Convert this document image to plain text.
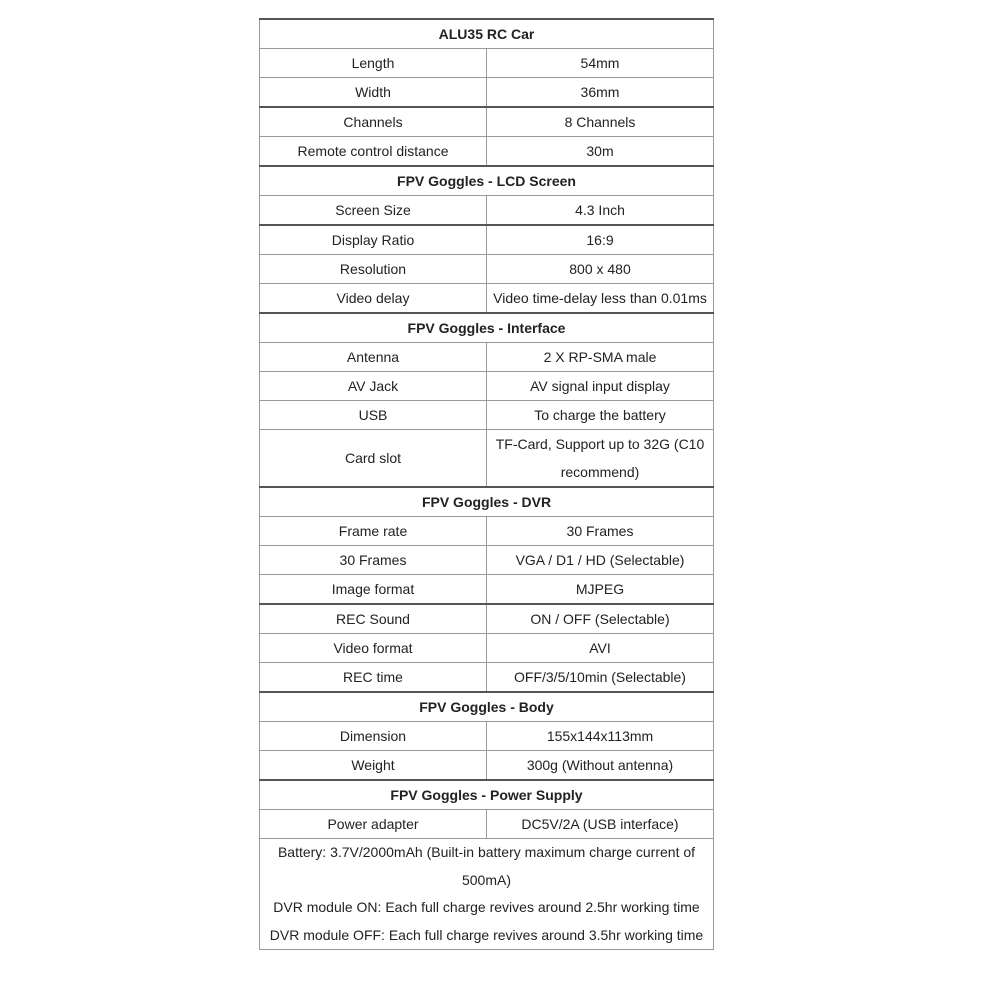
ALU35 RC Car	
Length	54mm
Width	36mm
Channels	8 Channels
Remote control distance	30m
FPV Goggles - LCD Screen	
Screen Size	4.3 Inch
Display Ratio	16:9
Resolution	800 x 480
Video delay	Video time-delay less than 0.01ms
FPV Goggles - Interface	
Antenna	2 X RP-SMA male
AV Jack	AV signal input display
USB	To charge the battery
Card slot	TF-Card, Support up to 32G (C10 recommend)
FPV Goggles - DVR	
Frame rate	30 Frames
30 Frames	VGA / D1 / HD (Selectable)
Image format	MJPEG
REC Sound	ON / OFF (Selectable)
Video format	AVI
REC time	OFF/3/5/10min (Selectable)
FPV Goggles - Body	
Dimension	155x144x113mm
Weight	300g (Without antenna)
FPV Goggles - Power Supply	
Power adapter	DC5V/2A (USB interface)

Battery: 3.7V/2000mAh (Built-in battery maximum charge current of 500mA)
DVR module ON: Each full charge revives around 2.5hr working time
DVR module OFF: Each full charge revives around 3.5hr working time	
